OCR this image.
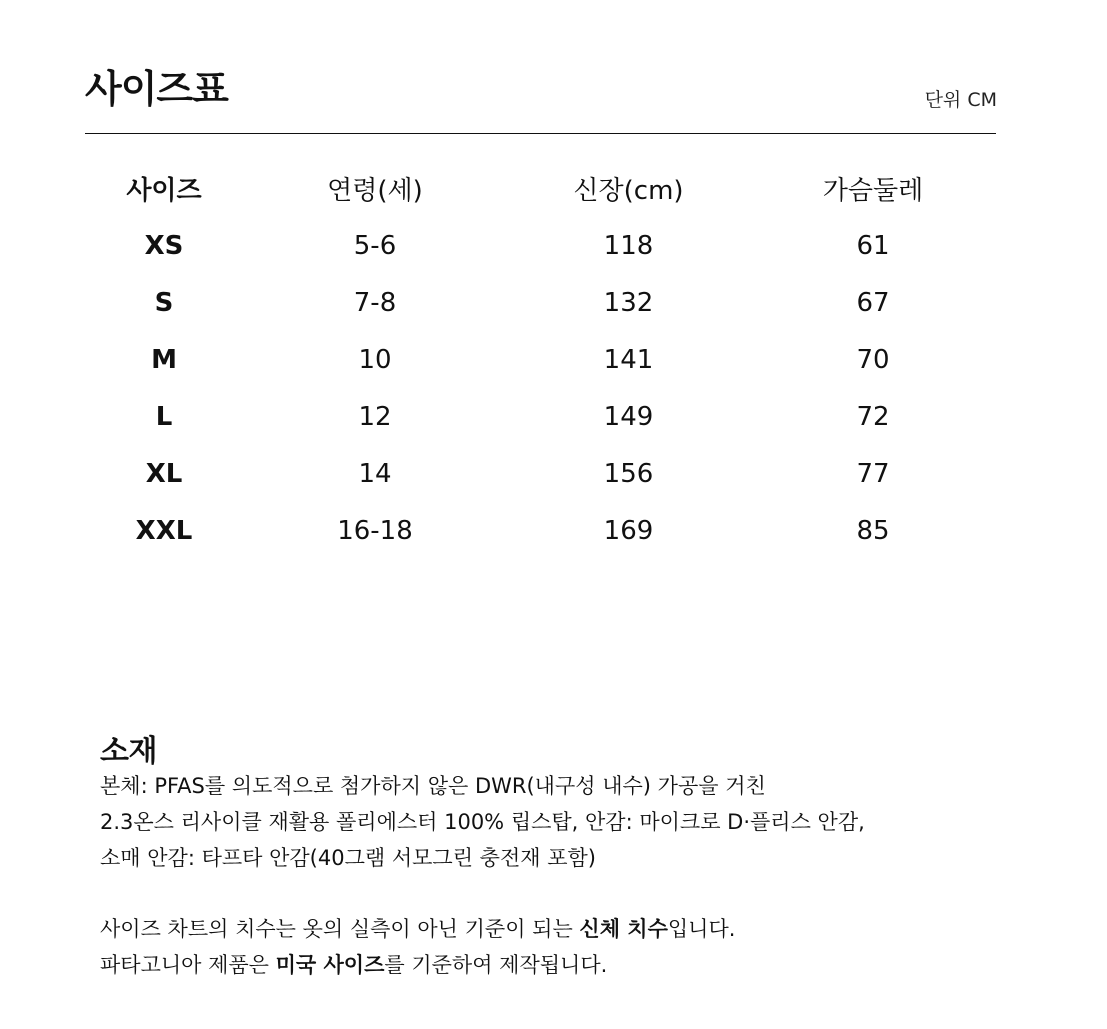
사이즈표	단위 CM
사이즈	연령(세)	신장(cm)	가슴둘레
XS	5-6	118	61
S	7-8	132	67
M	10	141	70
L	12	149	72
XL	14	156	77
XXL	16-18	169	85
소재
본체: PFAS를 의도적으로 첨가하지 않은 DWR(내구성 내수) 가공을 거친
2.3온스 리사이클 재활용 폴리에스터 100% 립스탑, 안감: 마이크로 D·플리스 안감,
소매 안감: 타프타 안감(40그램 서모그린 충전재 포함)
사이즈 차트의 치수는 옷의 실측이 아닌 기준이 되는 신체 치수입니다.
파타고니아 제품은 미국 사이즈를 기준하여 제작됩니다.
